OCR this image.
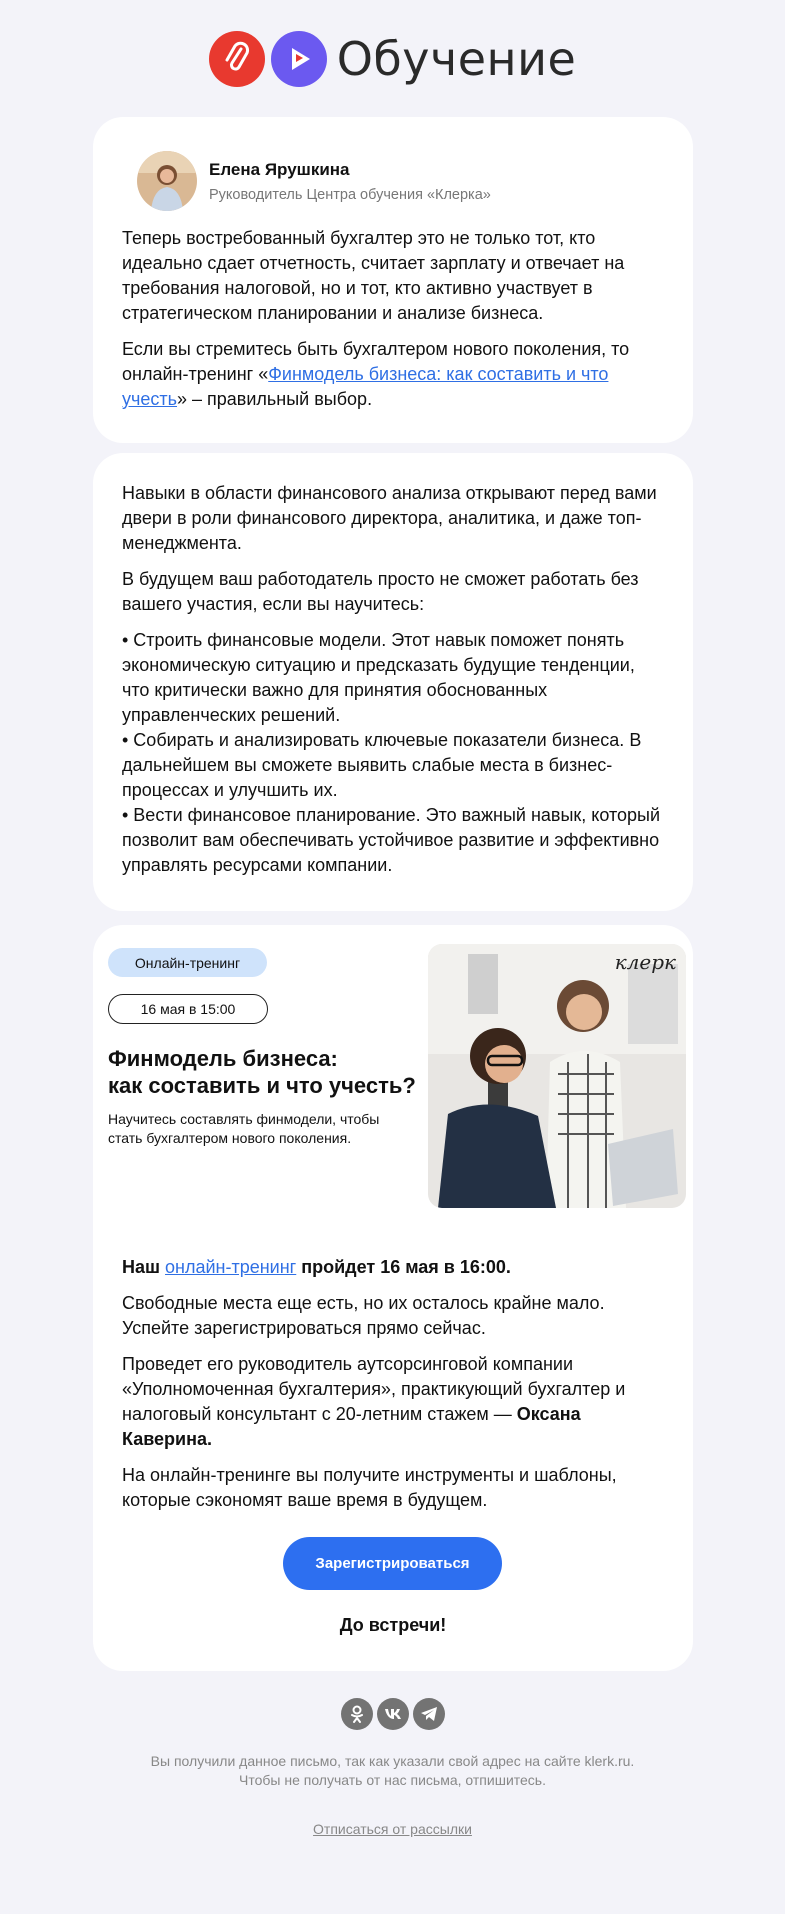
Обучение
Елена Ярушкина
Руководитель Центра обучения «Клерка»

Теперь востребованный бухгалтер это не только тот, кто идеально сдает отчетность, считает зарплату и отвечает на требования налоговой, но и тот, кто активно участвует в стратегическом планировании и анализе бизнеса.

Если вы стремитесь быть бухгалтером нового поколения, то онлайн-тренинг «Финмодель бизнеса: как составить и что учесть» – правильный выбор.

Навыки в области финансового анализа открывают перед вами двери в роли финансового директора, аналитика, и даже топ-менеджмента.

В будущем ваш работодатель просто не сможет работать без вашего участия, если вы научитесь:

• Строить финансовые модели. Этот навык поможет понять экономическую ситуацию и предсказать будущие тенденции, что критически важно для принятия обоснованных управленческих решений.
• Собирать и анализировать ключевые показатели бизнеса. В дальнейшем вы сможете выявить слабые места в бизнес-процессах и улучшить их.
• Вести финансовое планирование. Это важный навык, который позволит вам обеспечивать устойчивое развитие и эффективно управлять ресурсами компании.
Онлайн-тренинг
16 мая в 15:00
Финмодель бизнеса:
как составить и что учесть?
Научитесь составлять финмодели, чтобы стать бухгалтером нового поколения.
клерк

Наш онлайн-тренинг пройдет 16 мая в 16:00.

Свободные места еще есть, но их осталось крайне мало. Успейте зарегистрироваться прямо сейчас.

Проведет его руководитель аутсорсинговой компании «Уполномоченная бухгалтерия», практикующий бухгалтер и налоговый консультант с 20-летним стажем — Оксана Каверина.

На онлайн-тренинге вы получите инструменты и шаблоны, которые сэкономят ваше время в будущем.

Зарегистрироваться
До встречи!
Вы получили данное письмо, так как указали свой адрес на сайте klerk.ru.
Чтобы не получать от нас письма, отпишитесь.
Отписаться от рассылки
